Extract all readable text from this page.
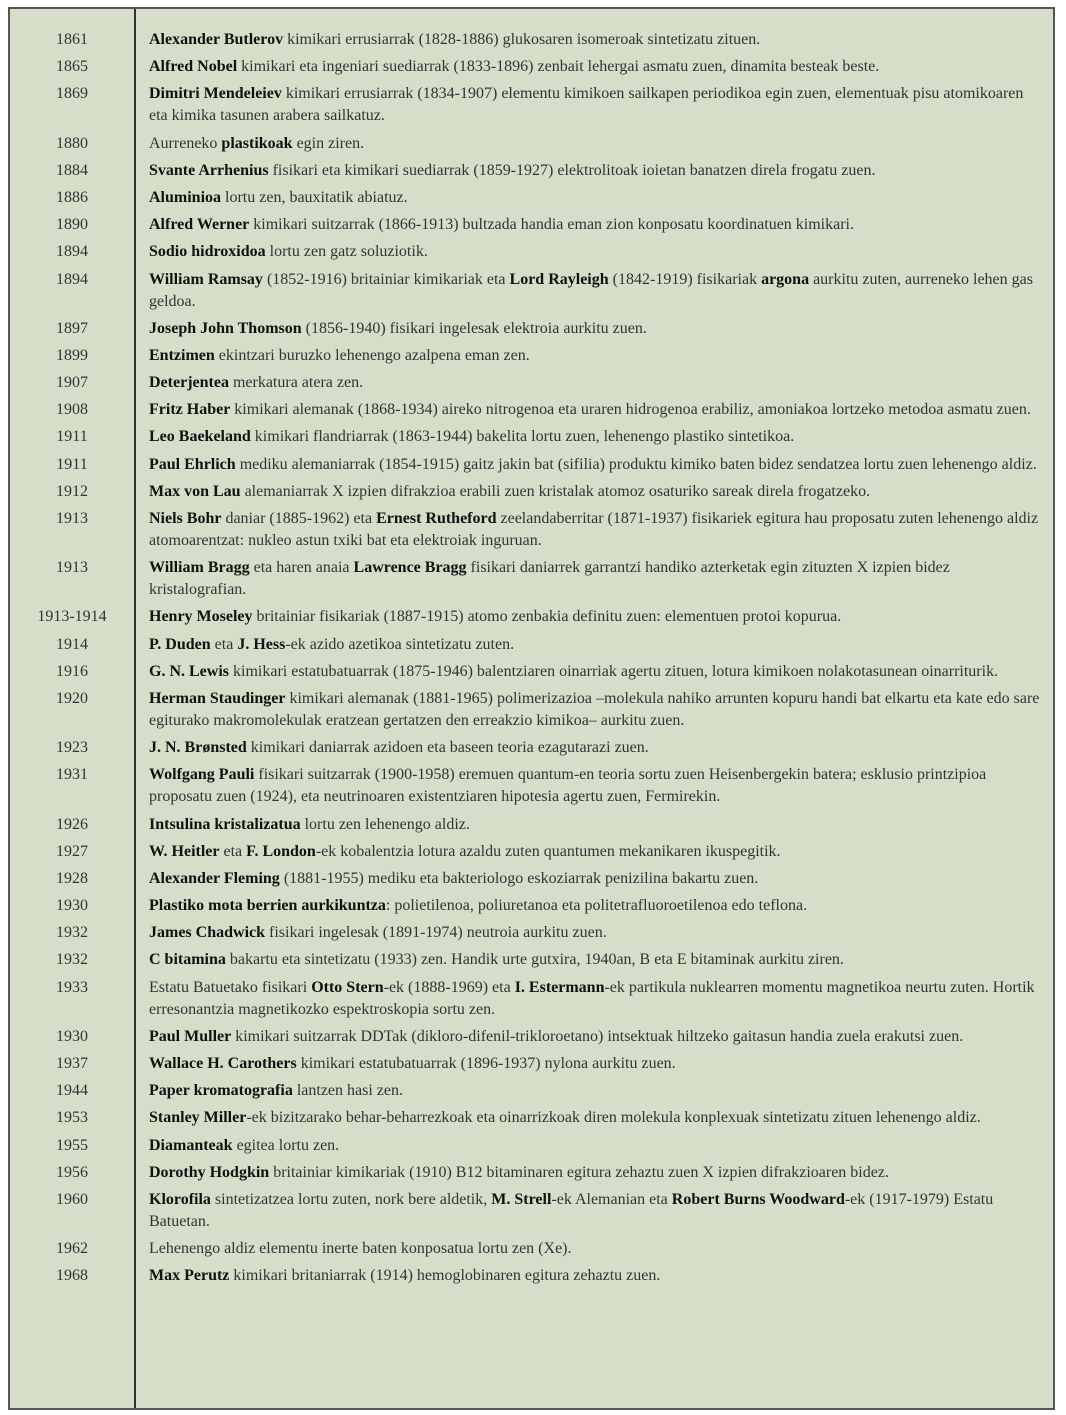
1861	Alexander Butlerov kimikari errusiarrak (1828-1886) glukosaren isomeroak sintetizatu zituen.
1865	Alfred Nobel kimikari eta ingeniari suediarrak (1833-1896) zenbait lehergai asmatu zuen, dinamita besteak beste.
1869	Dimitri Mendeleiev kimikari errusiarrak (1834-1907) elementu kimikoen sailkapen periodikoa egin zuen, elementuak pisu atomikoaren eta kimika tasunen arabera sailkatuz.
1880	Aurreneko plastikoak egin ziren.
1884	Svante Arrhenius fisikari eta kimikari suediarrak (1859-1927) elektrolitoak ioietan banatzen direla frogatu zuen.
1886	Aluminioa lortu zen, bauxitatik abiatuz.
1890	Alfred Werner kimikari suitzarrak (1866-1913) bultzada handia eman zion konposatu koordinatuen kimikari.
1894	Sodio hidroxidoa lortu zen gatz soluziotik.
1894	William Ramsay (1852-1916) britainiar kimikariak eta Lord Rayleigh (1842-1919) fisikariak argona aurkitu zuten, aurreneko lehen gas geldoa.
1897	Joseph John Thomson (1856-1940) fisikari ingelesak elektroia aurkitu zuen.
1899	Entzimen ekintzari buruzko lehenengo azalpena eman zen.
1907	Deterjentea merkatura atera zen.
1908	Fritz Haber kimikari alemanak (1868-1934) aireko nitrogenoa eta uraren hidrogenoa erabiliz, amoniakoa lortzeko metodoa asmatu zuen.
1911	Leo Baekeland kimikari flandriarrak (1863-1944) bakelita lortu zuen, lehenengo plastiko sintetikoa.
1911	Paul Ehrlich mediku alemaniarrak (1854-1915) gaitz jakin bat (sifilia) produktu kimiko baten bidez sendatzea lortu zuen lehenengo aldiz.
1912	Max von Lau alemaniarrak X izpien difrakzioa erabili zuen kristalak atomoz osaturiko sareak direla frogatzeko.
1913	Niels Bohr daniar (1885-1962) eta Ernest Rutheford zeelandaberritar (1871-1937) fisikariek egitura hau proposatu zuten lehenengo aldiz atomoarentzat: nukleo astun txiki bat eta elektroiak inguruan.
1913	William Bragg eta haren anaia Lawrence Bragg fisikari daniarrek garrantzi handiko azterketak egin zituzten X izpien bidez kristalografian.
1913-1914	Henry Moseley britainiar fisikariak (1887-1915) atomo zenbakia definitu zuen: elementuen protoi kopurua.
1914	P. Duden eta J. Hess-ek azido azetikoa sintetizatu zuten.
1916	G. N. Lewis kimikari estatubatuarrak (1875-1946) balentziaren oinarriak agertu zituen, lotura kimikoen nolakotasunean oinarriturik.
1920	Herman Staudinger kimikari alemanak (1881-1965) polimerizazioa –molekula nahiko arrunten kopuru handi bat elkartu eta kate edo sare egiturako makromolekulak eratzean gertatzen den erreakzio kimikoa– aurkitu zuen.
1923	J. N. Brønsted kimikari daniarrak azidoen eta baseen teoria ezagutarazi zuen.
1931	Wolfgang Pauli fisikari suitzarrak (1900-1958) eremuen quantum-en teoria sortu zuen Heisenbergekin batera; esklusio printzipioa proposatu zuen (1924), eta neutrinoaren existentziaren hipotesia agertu zuen, Fermirekin.
1926	Intsulina kristalizatua lortu zen lehenengo aldiz.
1927	W. Heitler eta F. London-ek kobalentzia lotura azaldu zuten quantumen mekanikaren ikuspegitik.
1928	Alexander Fleming (1881-1955) mediku eta bakteriologo eskoziarrak penizilina bakartu zuen.
1930	Plastiko mota berrien aurkikuntza: polietilenoa, poliuretanoa eta politetrafluoroetilenoa edo teflona.
1932	James Chadwick fisikari ingelesak (1891-1974) neutroia aurkitu zuen.
1932	C bitamina bakartu eta sintetizatu (1933) zen. Handik urte gutxira, 1940an, B eta E bitaminak aurkitu ziren.
1933	Estatu Batuetako fisikari Otto Stern-ek (1888-1969) eta I. Estermann-ek partikula nuklearren momentu magnetikoa neurtu zuten. Hortik erresonantzia magnetikozko espektroskopia sortu zen.
1930	Paul Muller kimikari suitzarrak DDTak (dikloro-difenil-trikloroetano) intsektuak hiltzeko gaitasun handia zuela erakutsi zuen.
1937	Wallace H. Carothers kimikari estatubatuarrak (1896-1937) nylona aurkitu zuen.
1944	Paper kromatografia lantzen hasi zen.
1953	Stanley Miller-ek bizitzarako behar-beharrezkoak eta oinarrizkoak diren molekula konplexuak sintetizatu zituen lehenengo aldiz.
1955	Diamanteak egitea lortu zen.
1956	Dorothy Hodgkin britainiar kimikariak (1910) B12 bitaminaren egitura zehaztu zuen X izpien difrakzioaren bidez.
1960	Klorofila sintetizatzea lortu zuten, nork bere aldetik, M. Strell-ek Alemanian eta Robert Burns Woodward-ek (1917-1979) Estatu Batuetan.
1962	Lehenengo aldiz elementu inerte baten konposatua lortu zen (Xe).
1968	Max Perutz kimikari britaniarrak (1914) hemoglobinaren egitura zehaztu zuen.
